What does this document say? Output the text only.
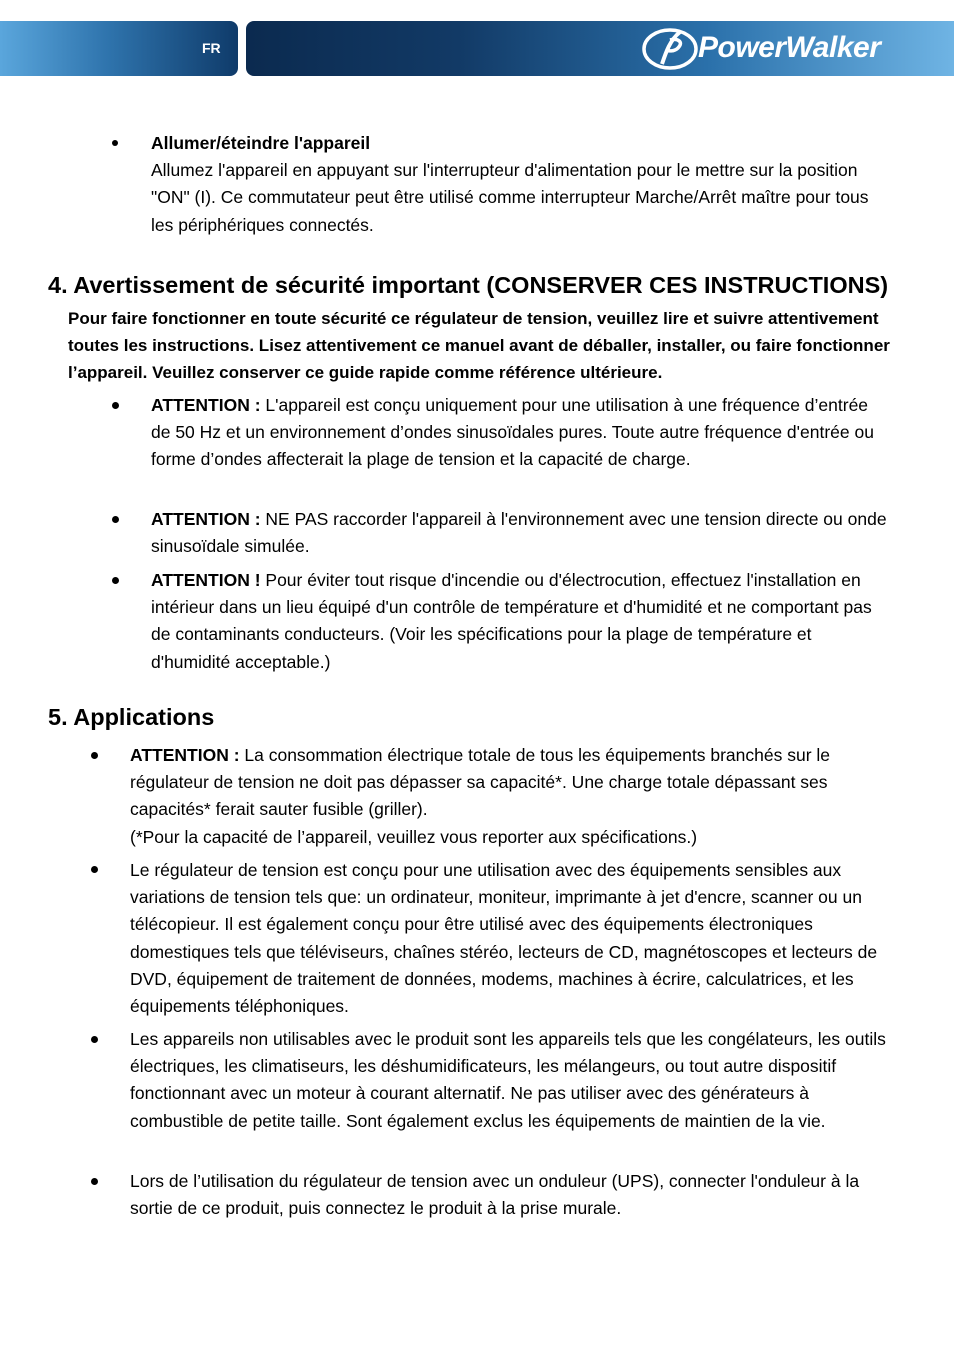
FR	PowerWalker
Allumer/éteindre l'appareil
Allumez l'appareil en appuyant sur l'interrupteur d'alimentation pour le mettre sur la position "ON" (I). Ce commutateur peut être utilisé comme interrupteur Marche/Arrêt maître pour tous les périphériques connectés.
4. Avertissement de sécurité important (CONSERVER CES INSTRUCTIONS)
Pour faire fonctionner en toute sécurité ce régulateur de tension, veuillez lire et suivre attentivement toutes les instructions. Lisez attentivement ce manuel avant de déballer, installer, ou faire fonctionner l’appareil. Veuillez conserver ce guide rapide comme référence ultérieure.
ATTENTION : L'appareil est conçu uniquement pour une utilisation à une fréquence d’entrée de 50 Hz et un environnement d’ondes sinusoïdales pures. Toute autre fréquence d'entrée ou forme d’ondes affecterait la plage de tension et la capacité de charge.
ATTENTION : NE PAS raccorder l'appareil à l'environnement avec une tension directe ou onde sinusoïdale simulée.
ATTENTION ! Pour éviter tout risque d'incendie ou d'électrocution, effectuez l'installation en intérieur dans un lieu équipé d'un contrôle de température et d'humidité et ne comportant pas de contaminants conducteurs. (Voir les spécifications pour la plage de température et d'humidité acceptable.)
5. Applications
ATTENTION : La consommation électrique totale de tous les équipements branchés sur le régulateur de tension ne doit pas dépasser sa capacité*. Une charge totale dépassant ses capacités* ferait sauter fusible (griller).
(*Pour la capacité de l’appareil, veuillez vous reporter aux spécifications.)
Le régulateur de tension est conçu pour une utilisation avec des équipements sensibles aux variations de tension tels que: un ordinateur, moniteur, imprimante à jet d'encre, scanner ou un télécopieur. Il est également conçu pour être utilisé avec des équipements électroniques domestiques tels que téléviseurs, chaînes stéréo, lecteurs de CD, magnétoscopes et lecteurs de DVD, équipement de traitement de données, modems, machines à écrire, calculatrices, et les équipements téléphoniques.
Les appareils non utilisables avec le produit sont les appareils tels que les congélateurs, les outils électriques, les climatiseurs, les déshumidificateurs, les mélangeurs, ou tout autre dispositif fonctionnant avec un moteur à courant alternatif. Ne pas utiliser avec des générateurs à combustible de petite taille. Sont également exclus les équipements de maintien de la vie.
Lors de l’utilisation du régulateur de tension avec un onduleur (UPS), connecter l'onduleur à la sortie de ce produit, puis connectez le produit à la prise murale.
